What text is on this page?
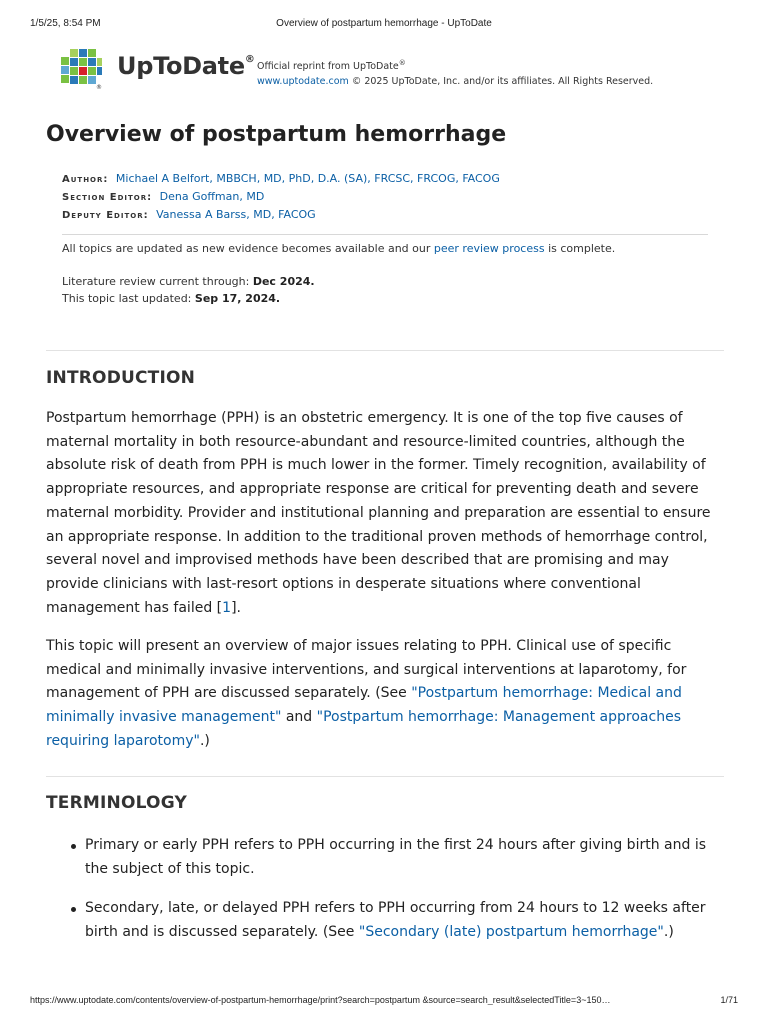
1/5/25, 8:54 PM	Overview of postpartum hemorrhage - UpToDate
®
UpToDate®
Official reprint from UpToDate®
www.uptodate.com © 2025 UpToDate, Inc. and/or its affiliates. All Rights Reserved.
Overview of postpartum hemorrhage
Author: Michael A Belfort, MBBCH, MD, PhD, D.A. (SA), FRCSC, FRCOG, FACOG
Section Editor: Dena Goffman, MD
Deputy Editor: Vanessa A Barss, MD, FACOG
All topics are updated as new evidence becomes available and our peer review process is complete.
Literature review current through: Dec 2024.
This topic last updated: Sep 17, 2024.
INTRODUCTION

Postpartum hemorrhage (PPH) is an obstetric emergency. It is one of the top five causes of maternal mortality in both resource-abundant and resource-limited countries, although the absolute risk of death from PPH is much lower in the former. Timely recognition, availability of appropriate resources, and appropriate response are critical for preventing death and severe maternal morbidity. Provider and institutional planning and preparation are essential to ensure an appropriate response. In addition to the traditional proven methods of hemorrhage control, several novel and improvised methods have been described that are promising and may provide clinicians with last-resort options in desperate situations where conventional management has failed [1].

This topic will present an overview of major issues relating to PPH. Clinical use of specific medical and minimally invasive interventions, and surgical interventions at laparotomy, for management of PPH are discussed separately. (See "Postpartum hemorrhage: Medical and minimally invasive management" and "Postpartum hemorrhage: Management approaches requiring laparotomy".)

TERMINOLOGY
Primary or early PPH refers to PPH occurring in the first 24 hours after giving birth and is the subject of this topic.
Secondary, late, or delayed PPH refers to PPH occurring from 24 hours to 12 weeks after birth and is discussed separately. (See "Secondary (late) postpartum hemorrhage".)
https://www.uptodate.com/contents/overview-of-postpartum-hemorrhage/print?search=postpartum &source=search_result&selectedTitle=3~150…	1/71
